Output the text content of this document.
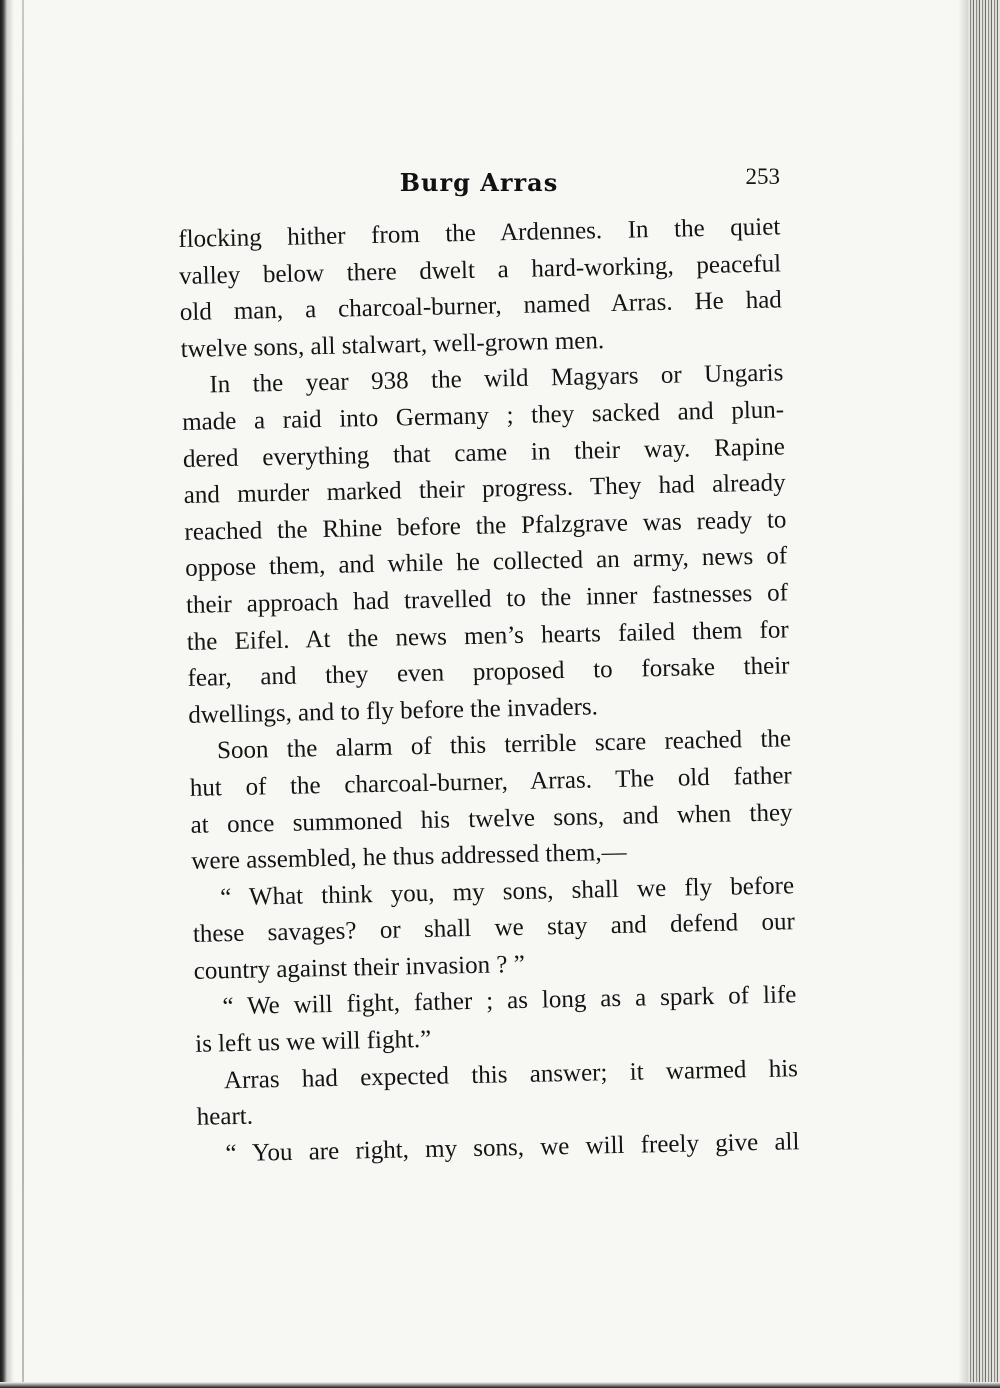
Burg Arras	253
flocking hither from the Ardennes. In the quiet
valley below there dwelt a hard-working, peaceful
old man, a charcoal-burner, named Arras. He had
twelve sons, all stalwart, well-grown men.
In the year 938 the wild Magyars or Ungaris
made a raid into Germany ; they sacked and plun-
dered everything that came in their way. Rapine
and murder marked their progress. They had already
reached the Rhine before the Pfalzgrave was ready to
oppose them, and while he collected an army, news of
their approach had travelled to the inner fastnesses of
the Eifel. At the news men’s hearts failed them for
fear, and they even proposed to forsake their
dwellings, and to fly before the invaders.
Soon the alarm of this terrible scare reached the
hut of the charcoal-burner, Arras. The old father
at once summoned his twelve sons, and when they
were assembled, he thus addressed them,—
“ What think you, my sons, shall we fly before
these savages? or shall we stay and defend our
country against their invasion ? ”
“ We will fight, father ; as long as a spark of life
is left us we will fight.”
Arras had expected this answer; it warmed his
heart.
“ You are right, my sons, we will freely give all
